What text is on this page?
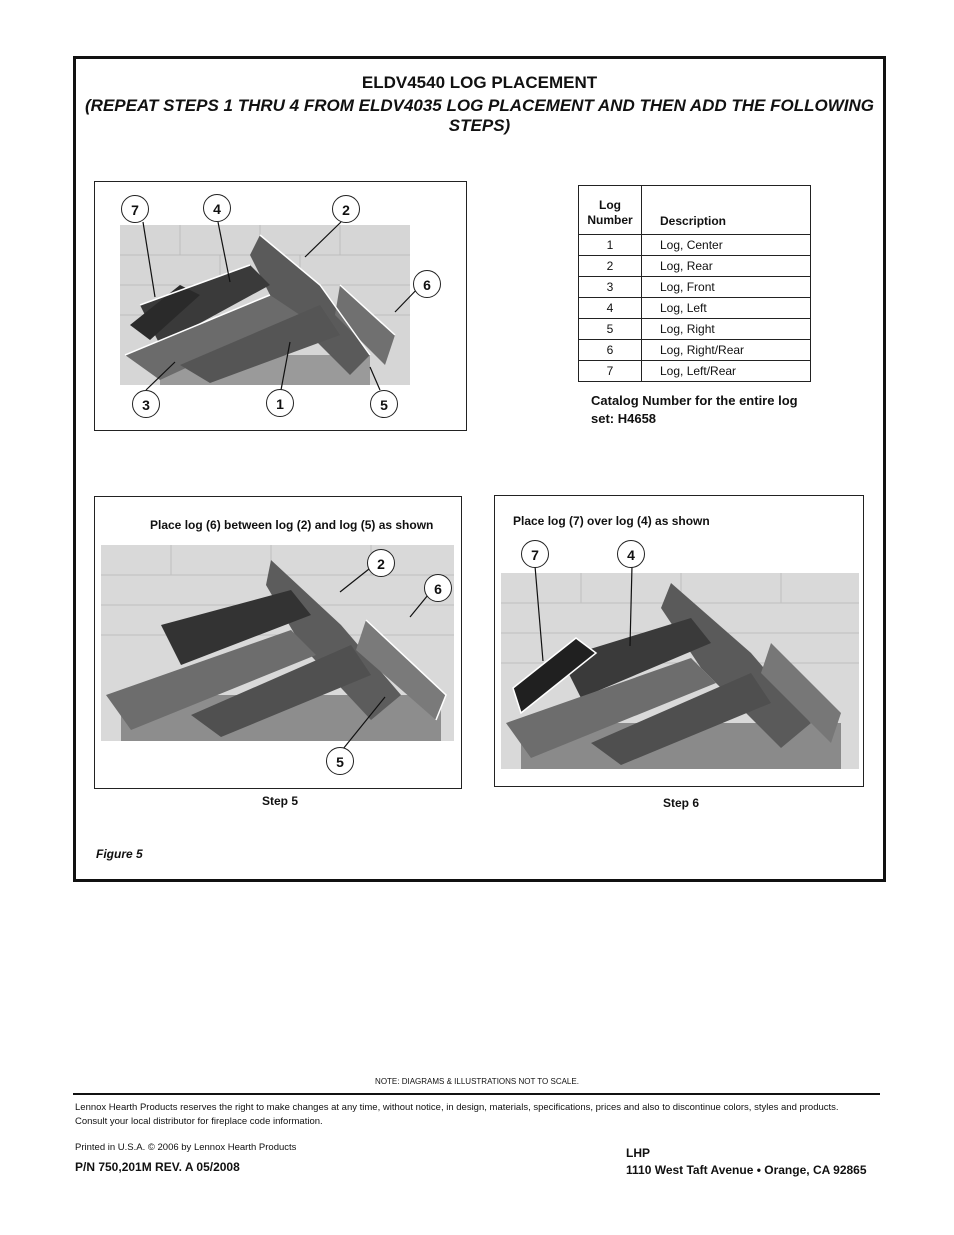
ELDV4540 LOG PLACEMENT
(REPEAT STEPS 1 THRU 4 FROM ELDV4035 LOG PLACEMENT AND THEN ADD THE FOLLOWING STEPS)
7	4	2
6
3	1	5
Log Number	Description
1	Log, Center
2	Log, Rear
3	Log, Front
4	Log, Left
5	Log, Right
6	Log, Right/Rear
7	Log, Left/Rear
Catalog Number for the entire log set: H4658
Place log (6) between log (2) and log (5) as shown
2
6
5
Step 5
Place log (7) over log (4) as shown
7	4
Step 6
Figure 5
NOTE: DIAGRAMS & ILLUSTRATIONS NOT TO SCALE.
Lennox Hearth Products reserves the right to make changes at any time, without notice, in design, materials, specifications, prices and also to discontinue colors, styles and products.
Consult your local distributor for fireplace code information.
Printed in U.S.A. © 2006 by Lennox Hearth Products
P/N 750,201M REV. A 05/2008
LHP
1110 West Taft Avenue • Orange, CA 92865
